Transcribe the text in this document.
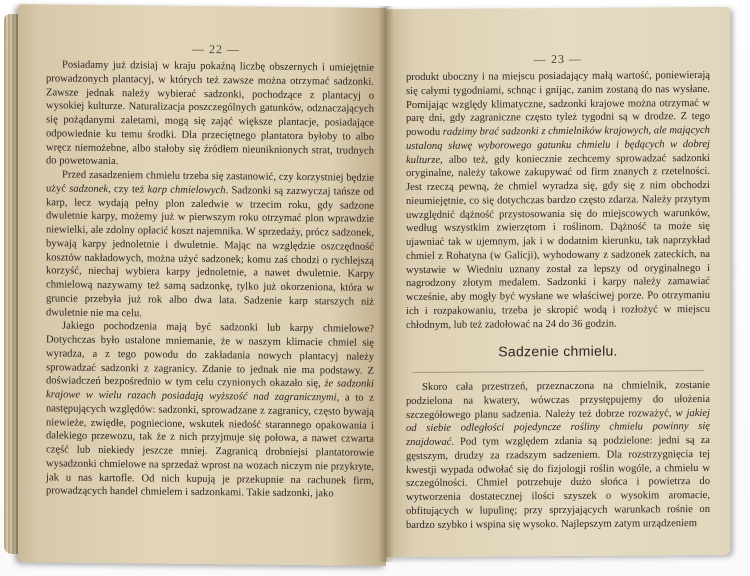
— 22 —

Posiadamy już dzisiaj w kraju pokaźną liczbę obszernych i umiejętnie prowadzonych plantacyj, w których też zawsze można otrzymać sadzonki. Zawsze jednak należy wybierać sadzonki, pochodzące z plantacyj o wysokiej kulturze. Naturalizacja poszczególnych gatunków, odznaczających się pożądanymi zaletami, mogą się zająć większe plantacje, posiadające odpowiednie ku temu środki. Dla przeciętnego plantatora byłoby to albo wręcz niemożebne, albo stałoby się źródłem nieuniknionych strat, trudnych do powetowania.

Przed zasadzeniem chmielu trzeba się zastanowić, czy korzystniej będzie użyć sadzonek, czy też karp chmielowych. Sadzonki są zazwyczaj tańsze od karp, lecz wydają pełny plon zaledwie w trzecim roku, gdy sadzone dwuletnie karpy, możemy już w pierwszym roku otrzymać plon wprawdzie niewielki, ale zdolny opłacić koszt najemnika. W sprzedaży, prócz sadzonek, bywają karpy jednoletnie i dwuletnie. Mając na względzie oszczędność kosztów nakładowych, można użyć sadzonek; komu zaś chodzi o rychlejszą korzyść, niechaj wybiera karpy jednoletnie, a nawet dwuletnie. Karpy chmielową nazywamy też samą sadzonkę, tylko już okorzeniona, która w gruncie przebyła już rok albo dwa lata. Sadzenie karp starszych niż dwuletnie nie ma celu.

Jakiego pochodzenia mają być sadzonki lub karpy chmielowe? Dotychczas było ustalone mniemanie, że w naszym klimacie chmiel się wyradza, a z tego powodu do zakładania nowych plantacyj należy sprowadzać sadzonki z zagranicy. Zdanie to jednak nie ma podstawy. Z doświadczeń bezpośrednio w tym celu czynionych okazało się, że sadzonki krajowe w wielu razach posiadają wyższość nad zagranicznymi, a to z następujących względów: sadzonki, sprowadzane z zagranicy, często bywają niewieże, zwiędłe, pogniecione, wskutek niedość starannego opakowania i dalekiego przewozu, tak że z nich przyjmuje się połowa, a nawet czwarta część lub niekiedy jeszcze mniej. Zagranicą drobniejsi plantatorowie wysadzonki chmielowe na sprzedaż wprost na wozach niczym nie przykryte, jak u nas kartofle. Od nich kupują je przekupnie na rachunek firm, prowadzących handel chmielem i sadzonkami. Takie sadzonki, jako

— 23 —

produkt uboczny i na miejscu posiadający małą wartość, poniewierają się całymi tygodniami, schnąc i gnijąc, zanim zostaną do nas wysłane. Pomijając względy klimatyczne, sadzonki krajowe można otrzymać w parę dni, gdy zagraniczne często tyleż tygodni są w drodze. Z tego powodu radzimy brać sadzonki z chmielników krajowych, ale mających ustaloną sławę wyborowego gatunku chmielu i będących w dobrej kulturze, albo też, gdy koniecznie zechcemy sprowadzać sadzonki oryginalne, należy takowe zakupywać od firm znanych z rzetelności. Jest rzeczą pewną, że chmiel wyradza się, gdy się z nim obchodzi nieumiejętnie, co się dotychczas bardzo często zdarza. Należy przytym uwzględnić dążność przystosowania się do miejscowych warunków, według wszystkim zwierzętom i roślinom. Dążność ta może się ujawniać tak w ujemnym, jak i w dodatnim kierunku, tak naprzykład chmiel z Rohatyna (w Galicji), wyhodowany z sadzonek zateckich, na wystawie w Wiedniu uznany został za lepszy od oryginalnego i nagrodzony złotym medalem. Sadzonki i karpy należy zamawiać wcześnie, aby mogły być wysłane we właściwej porze. Po otrzymaniu ich i rozpakowaniu, trzeba je skropić wodą i rozłożyć w miejscu chłodnym, lub też zadołować na 24 do 36 godzin.

Sadzenie chmielu.

Skoro cała przestrzeń, przeznaczona na chmielnik, zostanie podzielona na kwatery, wówczas przystępujemy do ułożenia szczegółowego planu sadzenia. Należy też dobrze rozważyć, w jakiej od siebie odległości pojedyncze rośliny chmielu powinny się znajdować. Pod tym względem zdania są podzielone: jedni są za gęstszym, drudzy za rzadszym sadzeniem. Dla rozstrzygnięcia tej kwestji wypada odwołać się do fizjologji roślin wogóle, a chmielu w szczególności. Chmiel potrzebuje dużo słońca i powietrza do wytworzenia dostatecznej ilości szyszek o wysokim aromacie, obfitujących w lupulinę; przy sprzyjających warunkach rośnie on bardzo szybko i wspina się wysoko. Najlepszym zatym urządzeniem
